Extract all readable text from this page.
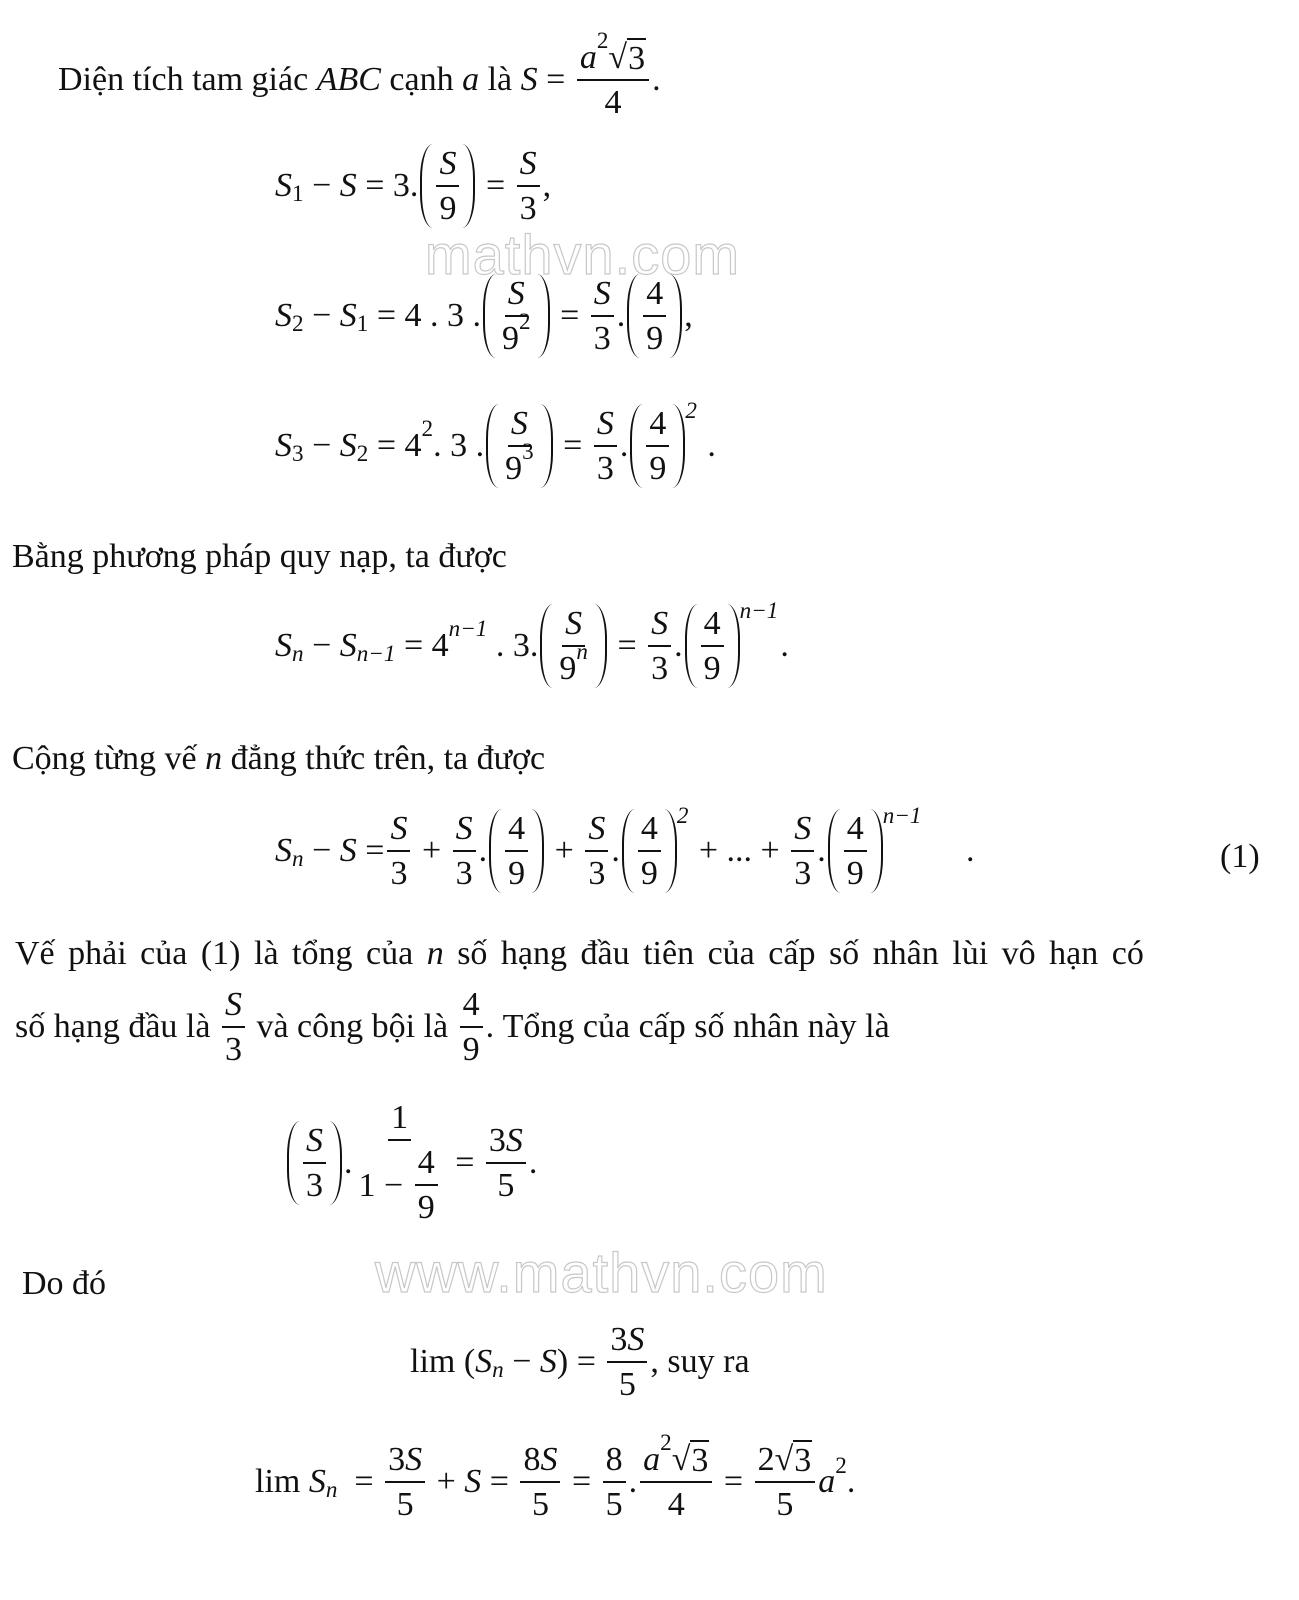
mathvn.com
www.mathvn.com
Diện tích tam giác ABC cạnh a là $S = \frac{a 2 √ 3}{4}$ .
S 1 − S = 3. $\frac{S}{9} = \frac{S}{3}$ ,
S 2 − S 1 = 4 . 3 . $\frac{S}{9 2} = \frac{S}{3}$ . $\frac{4}{9}$ ,
S 3 − S 2 = 4 2 . 3 . $\frac{S}{9 3} = \frac{S}{3}$ . $\frac{4}{9} 2$
.
Bằng phương pháp quy nạp, ta được
S n − S n−1 = 4 n−1 . 3. $\frac{S}{9 n} = \frac{S}{3}$ . $\frac{4}{9} n-1$
.
Cộng từng vế n đẳng thức trên, ta được
S $n - S = \frac{S}{3} + \frac{S}{3}$ . $\frac{4}{9} + \frac{S}{3}$ . $\frac{4}{9} 2$
+ ... + $\frac{S}{3}$ . $\frac{4}{9} n-1$
.	(1)
Vế phải của (1) là tổng của n số hạng đầu tiên của cấp số nhân lùi vô hạn có
số hạng đầu là $\frac{S}{3}$ và công bội là $\frac{4}{9}$ . Tổng của cấp số nhân này là
$\frac{S}{3}$ . $\frac{1}{1 - \frac{4}{9}} = \frac{3 S}{5}$ .
Do đó
lim ( S n − S ) = $\frac{3 S}{5}$ , suy ra
lim S $n = \frac{3 S}{5} + S = \frac{8 S}{5} = \frac{8}{5}$ . $\frac{a 2 √ 3}{4} = \frac{2 √ 3}{5}$ a 2 .
